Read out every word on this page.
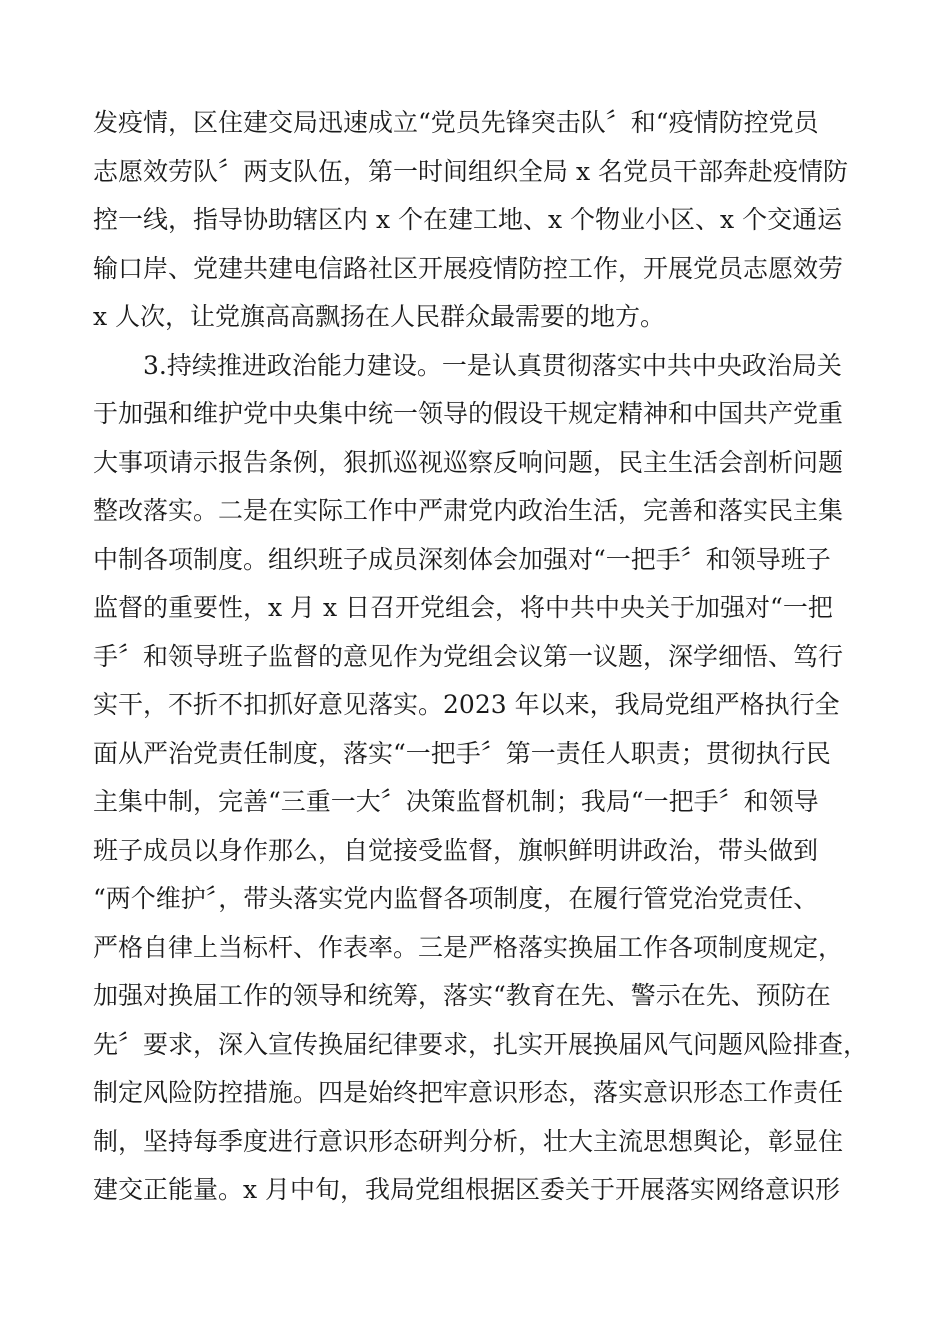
发疫情，区住建交局迅速成立“党员先锋突击队〞和“疫情防控党员
志愿效劳队〞两支队伍，第一时间组织全局 x 名党员干部奔赴疫情防
控一线，指导协助辖区内 x 个在建工地、x 个物业小区、x 个交通运
输口岸、党建共建电信路社区开展疫情防控工作，开展党员志愿效劳
x 人次，让党旗高高飘扬在人民群众最需要的地方。
3.持续推进政治能力建设。一是认真贯彻落实中共中央政治局关
于加强和维护党中央集中统一领导的假设干规定精神和中国共产党重
大事项请示报告条例，狠抓巡视巡察反响问题，民主生活会剖析问题
整改落实。二是在实际工作中严肃党内政治生活，完善和落实民主集
中制各项制度。组织班子成员深刻体会加强对“一把手〞和领导班子
监督的重要性，x 月 x 日召开党组会，将中共中央关于加强对“一把
手〞和领导班子监督的意见作为党组会议第一议题，深学细悟、笃行
实干，不折不扣抓好意见落实。2023 年以来，我局党组严格执行全
面从严治党责任制度，落实“一把手〞第一责任人职责；贯彻执行民
主集中制，完善“三重一大〞决策监督机制；我局“一把手〞和领导
班子成员以身作那么，自觉接受监督，旗帜鲜明讲政治，带头做到
“两个维护〞，带头落实党内监督各项制度，在履行管党治党责任、
严格自律上当标杆、作表率。三是严格落实换届工作各项制度规定，
加强对换届工作的领导和统筹，落实“教育在先、警示在先、预防在
先〞要求，深入宣传换届纪律要求，扎实开展换届风气问题风险排查，
制定风险防控措施。四是始终把牢意识形态，落实意识形态工作责任
制，坚持每季度进行意识形态研判分析，壮大主流思想舆论，彰显住
建交正能量。x 月中旬，我局党组根据区委关于开展落实网络意识形
